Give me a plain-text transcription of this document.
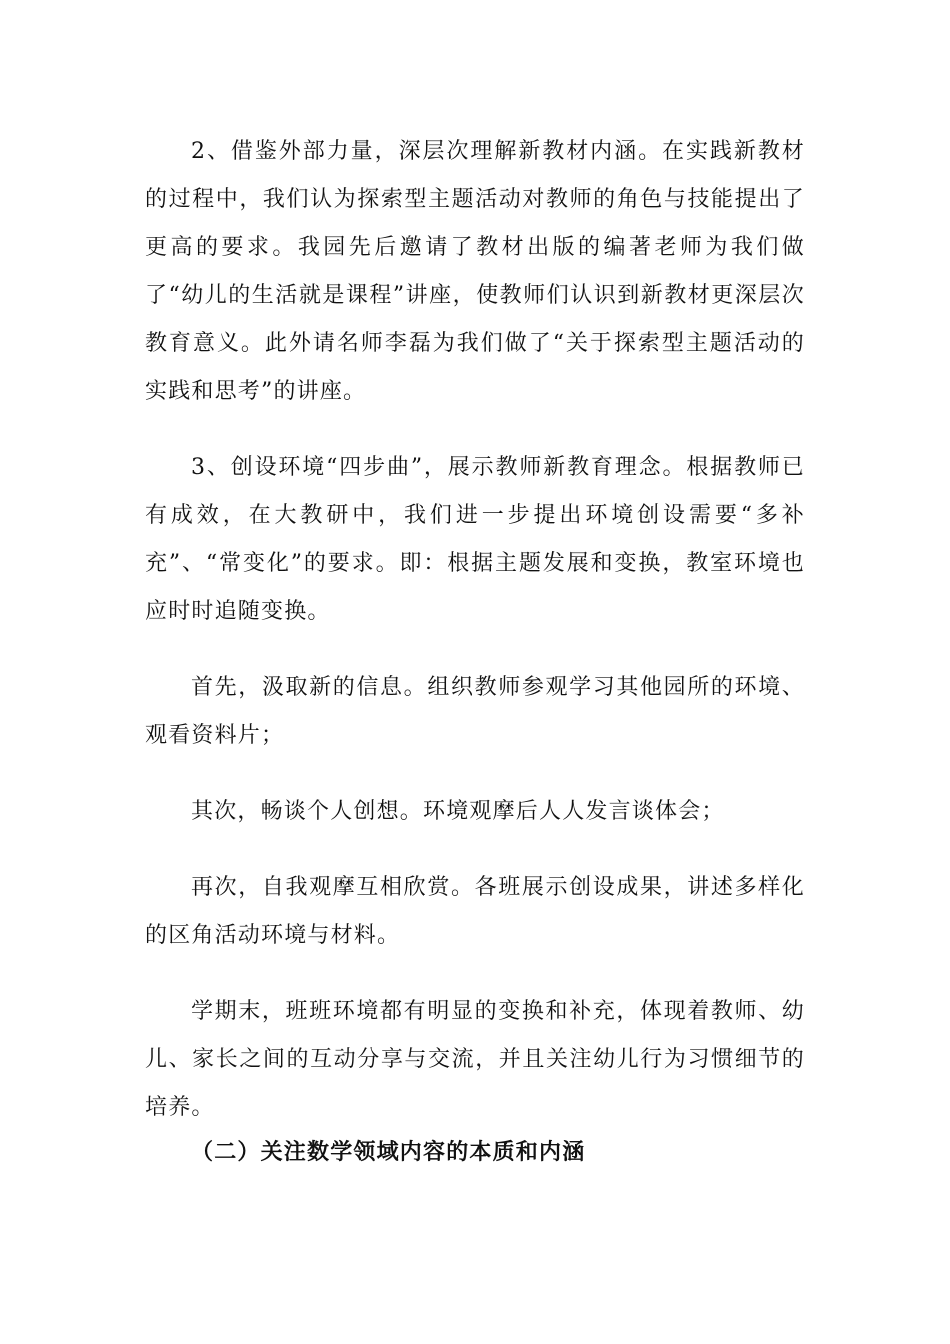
2、借鉴外部力量，深层次理解新教材内涵。在实践新教材的过程中，我们认为探索型主题活动对教师的角色与技能提出了更高的要求。我园先后邀请了教材出版的编著老师为我们做了“幼儿的生活就是课程”讲座，使教师们认识到新教材更深层次教育意义。此外请名师李磊为我们做了“关于探索型主题活动的实践和思考”的讲座。

3、创设环境“四步曲”，展示教师新教育理念。根据教师已有成效，在大教研中，我们进一步提出环境创设需要“多补充”、“常变化”的要求。即：根据主题发展和变换，教室环境也应时时追随变换。

首先，汲取新的信息。组织教师参观学习其他园所的环境、观看资料片；

其次，畅谈个人创想。环境观摩后人人发言谈体会；

再次，自我观摩互相欣赏。各班展示创设成果，讲述多样化的区角活动环境与材料。

学期末，班班环境都有明显的变换和补充，体现着教师、幼儿、家长之间的互动分享与交流，并且关注幼儿行为习惯细节的培养。

（二）关注数学领域内容的本质和内涵
